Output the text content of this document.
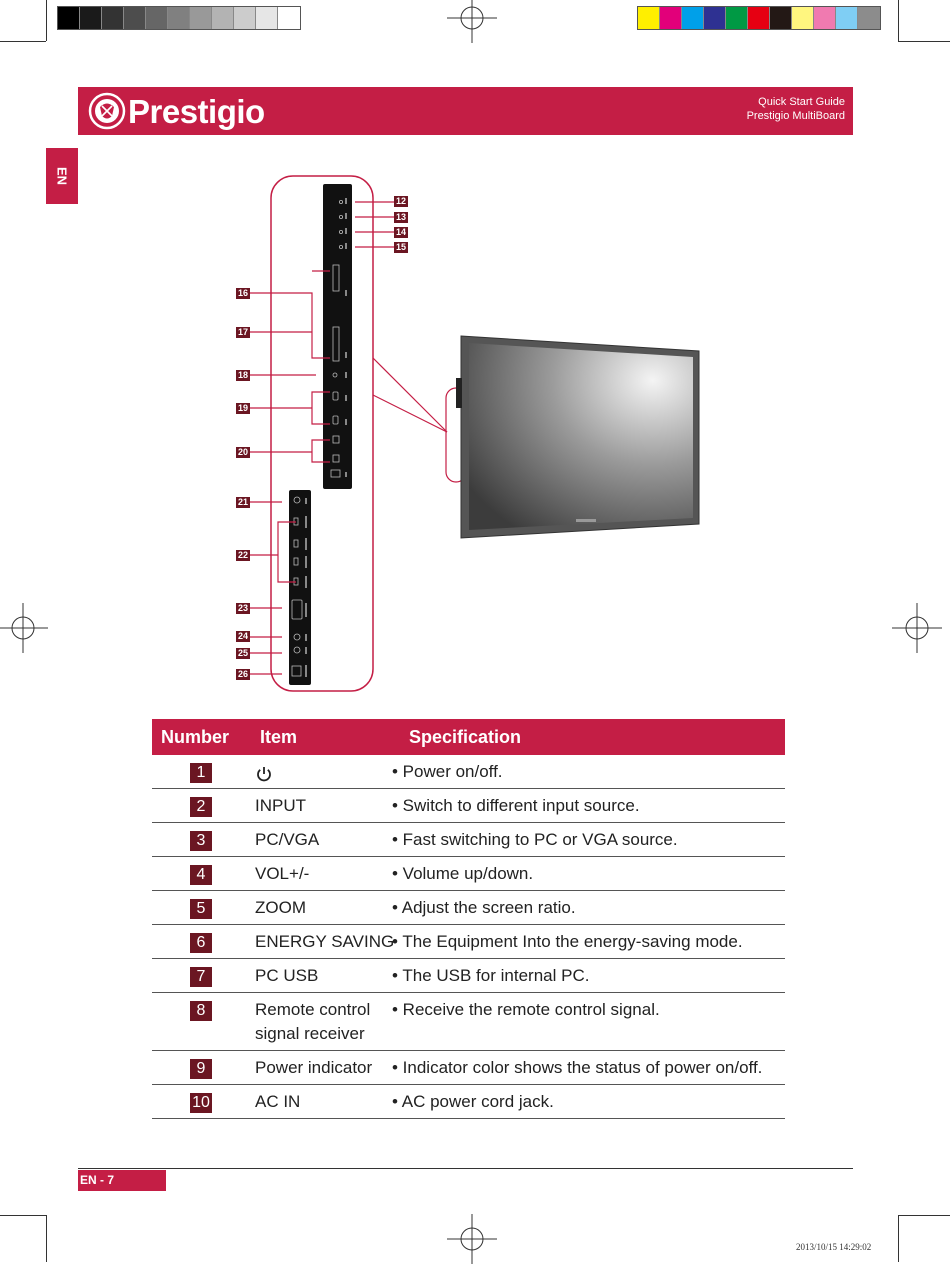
Prestigio	Quick Start Guide
Prestigio MultiBoard
EN
12
13
14
15
16
17
18
19
20
21
22
23
24
25
26
Number	Item	Specification
1		• Power on/off.
2	INPUT	• Switch to different input source.
3	PC/VGA	• Fast switching to PC or VGA source.
4	VOL+/-	• Volume up/down.
5	ZOOM	• Adjust the screen ratio.
6	ENERGY SAVING	• The Equipment Into the energy-saving mode.
7	PC USB	• The USB for internal PC.
8	Remote control signal receiver	• Receive the remote control signal.
9	Power indicator	• Indicator color shows the status of power on/off.
10	AC IN	• AC power cord jack.
EN - 7
2013/10/15 14:29:02
